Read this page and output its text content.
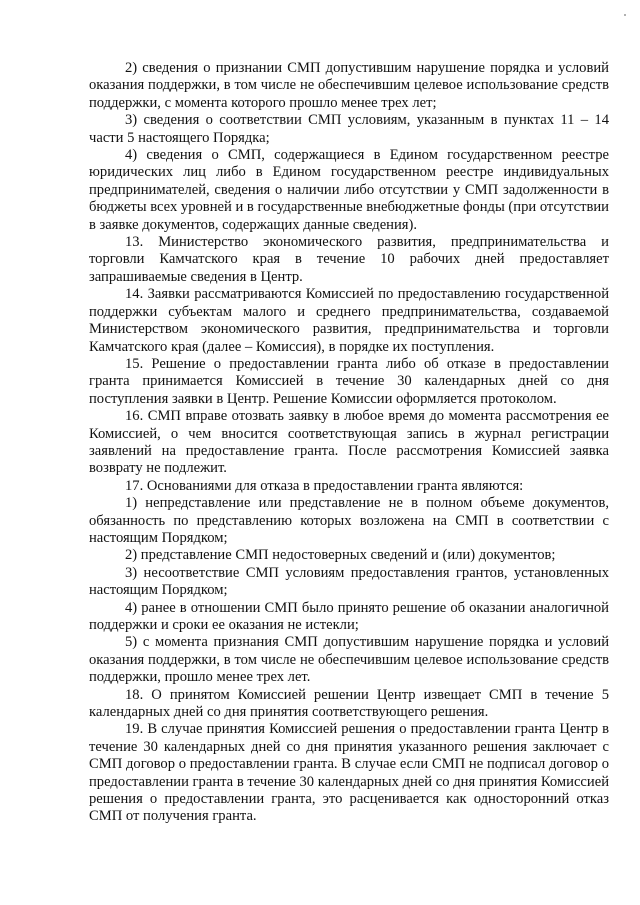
2) сведения о признании СМП допустившим нарушение порядка и условий оказания поддержки, в том числе не обеспечившим целевое использование средств поддержки, с момента которого прошло менее трех лет;

3) сведения о соответствии СМП условиям, указанным в пунктах 11 – 14 части 5 настоящего Порядка;

4) сведения о СМП, содержащиеся в Едином государственном реестре юридических лиц либо в Едином государственном реестре индивидуальных предпринимателей, сведения о наличии либо отсутствии у СМП задолженности в бюджеты всех уровней и в государственные внебюджетные фонды (при отсутствии в заявке документов, содержащих данные сведения).

13. Министерство экономического развития, предпринимательства и торговли Камчатского края в течение 10 рабочих дней предоставляет запрашиваемые сведения в Центр.

14. Заявки рассматриваются Комиссией по предоставлению государственной поддержки субъектам малого и среднего предпринимательства, создаваемой Министерством экономического развития, предпринимательства и торговли Камчатского края (далее – Комиссия), в порядке их поступления.

15. Решение о предоставлении гранта либо об отказе в предоставлении гранта принимается Комиссией в течение 30 календарных дней со дня поступления заявки в Центр. Решение Комиссии оформляется протоколом.

16. СМП вправе отозвать заявку в любое время до момента рассмотрения ее Комиссией, о чем вносится соответствующая запись в журнал регистрации заявлений на предоставление гранта. После рассмотрения Комиссией заявка возврату не подлежит.

17. Основаниями для отказа в предоставлении гранта являются:

1) непредставление или представление не в полном объеме документов, обязанность по представлению которых возложена на СМП в соответствии с настоящим Порядком;

2) представление СМП недостоверных сведений и (или) документов;

3) несоответствие СМП условиям предоставления грантов, установленных настоящим Порядком;

4) ранее в отношении СМП было принято решение об оказании аналогичной поддержки и сроки ее оказания не истекли;

5) с момента признания СМП допустившим нарушение порядка и условий оказания поддержки, в том числе не обеспечившим целевое использование средств поддержки, прошло менее трех лет.

18. О принятом Комиссией решении Центр извещает СМП в течение 5 календарных дней со дня принятия соответствующего решения.

19. В случае принятия Комиссией решения о предоставлении гранта Центр в течение 30 календарных дней со дня принятия указанного решения заключает с СМП договор о предоставлении гранта. В случае если СМП не подписал договор о предоставлении гранта в течение 30 календарных дней со дня принятия Комиссией решения о предоставлении гранта, это расценивается как односторонний отказ СМП от получения гранта.
